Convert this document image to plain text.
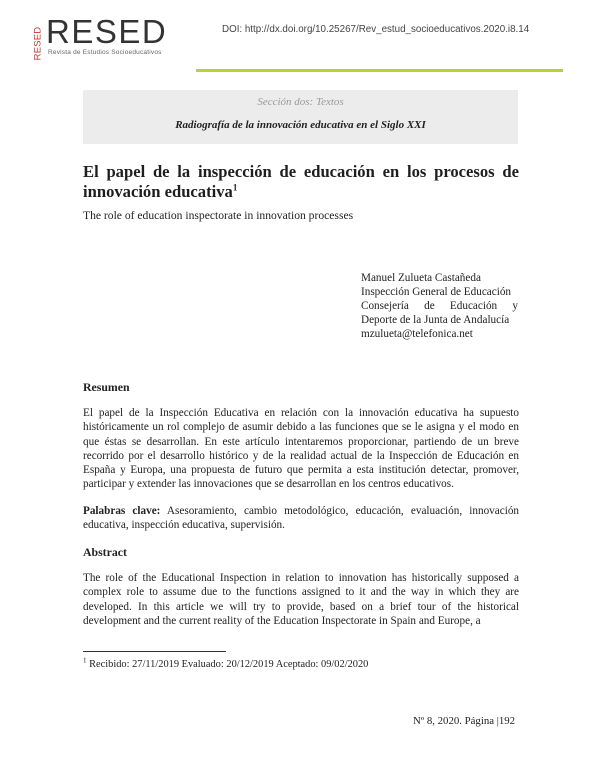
RESED RESED
Revista de Estudios Socioeducativos
DOI: http://dx.doi.org/10.25267/Rev_estud_socioeducativos.2020.i8.14
Sección dos: Textos
Radiografía de la innovación educativa en el Siglo XXI
El papel de la inspección de educación en los procesos de innovación educativa$^1$
The role of education inspectorate in innovation processes
Manuel Zulueta Castañeda
Inspección General de Educación
Consejería de Educación y Deporte de la Junta de Andalucía
mzulueta@telefonica.net
Resumen
El papel de la Inspección Educativa en relación con la innovación educativa ha supuesto históricamente un rol complejo de asumir debido a las funciones que se le asigna y el modo en que éstas se desarrollan. En este artículo intentaremos proporcionar, partiendo de un breve recorrido por el desarrollo histórico y de la realidad actual de la Inspección de Educación en España y Europa, una propuesta de futuro que permita a esta institución detectar, promover, participar y extender las innovaciones que se desarrollan en los centros educativos.
Palabras clave: Asesoramiento, cambio metodológico, educación, evaluación, innovación educativa, inspección educativa, supervisión.
Abstract
The role of the Educational Inspection in relation to innovation has historically supposed a complex role to assume due to the functions assigned to it and the way in which they are developed. In this article we will try to provide, based on a brief tour of the historical development and the current reality of the Education Inspectorate in Spain and Europe, a
$^1$ Recibido: 27/11/2019 Evaluado: 20/12/2019 Aceptado: 09/02/2020
Nº 8, 2020. Página |192
